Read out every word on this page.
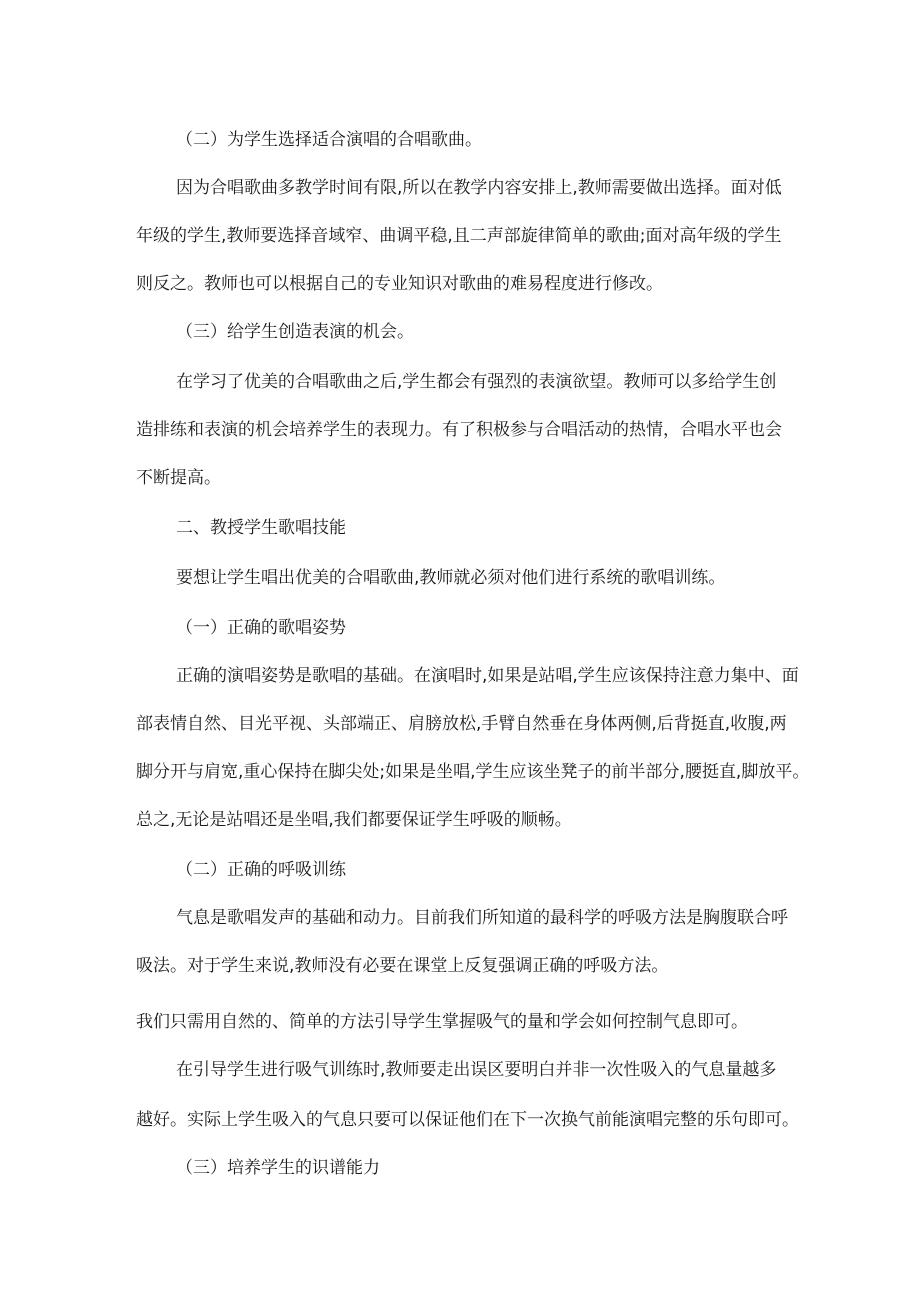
（二）为学生选择适合演唱的合唱歌曲。
因为合唱歌曲多教学时间有限,所以在教学内容安排上,教师需要做出选择。面对低
年级的学生,教师要选择音域窄、曲调平稳,且二声部旋律简单的歌曲;面对高年级的学生
则反之。教师也可以根据自己的专业知识对歌曲的难易程度进行修改。
（三）给学生创造表演的机会。
在学习了优美的合唱歌曲之后,学生都会有强烈的表演欲望。教师可以多给学生创
造排练和表演的机会培养学生的表现力。有了积极参与合唱活动的热情，合唱水平也会
不断提高。
二、教授学生歌唱技能
要想让学生唱出优美的合唱歌曲,教师就必须对他们进行系统的歌唱训练。
（一）正确的歌唱姿势
正确的演唱姿势是歌唱的基础。在演唱时,如果是站唱,学生应该保持注意力集中、面
部表情自然、目光平视、头部端正、肩膀放松,手臂自然垂在身体两侧,后背挺直,收腹,两
脚分开与肩宽,重心保持在脚尖处;如果是坐唱,学生应该坐凳子的前半部分,腰挺直,脚放平。
总之,无论是站唱还是坐唱,我们都要保证学生呼吸的顺畅。
（二）正确的呼吸训练
气息是歌唱发声的基础和动力。目前我们所知道的最科学的呼吸方法是胸腹联合呼
吸法。对于学生来说,教师没有必要在课堂上反复强调正确的呼吸方法。
我们只需用自然的、简单的方法引导学生掌握吸气的量和学会如何控制气息即可。
在引导学生进行吸气训练时,教师要走出误区要明白并非一次性吸入的气息量越多
越好。实际上学生吸入的气息只要可以保证他们在下一次换气前能演唱完整的乐句即可。
（三）培养学生的识谱能力
